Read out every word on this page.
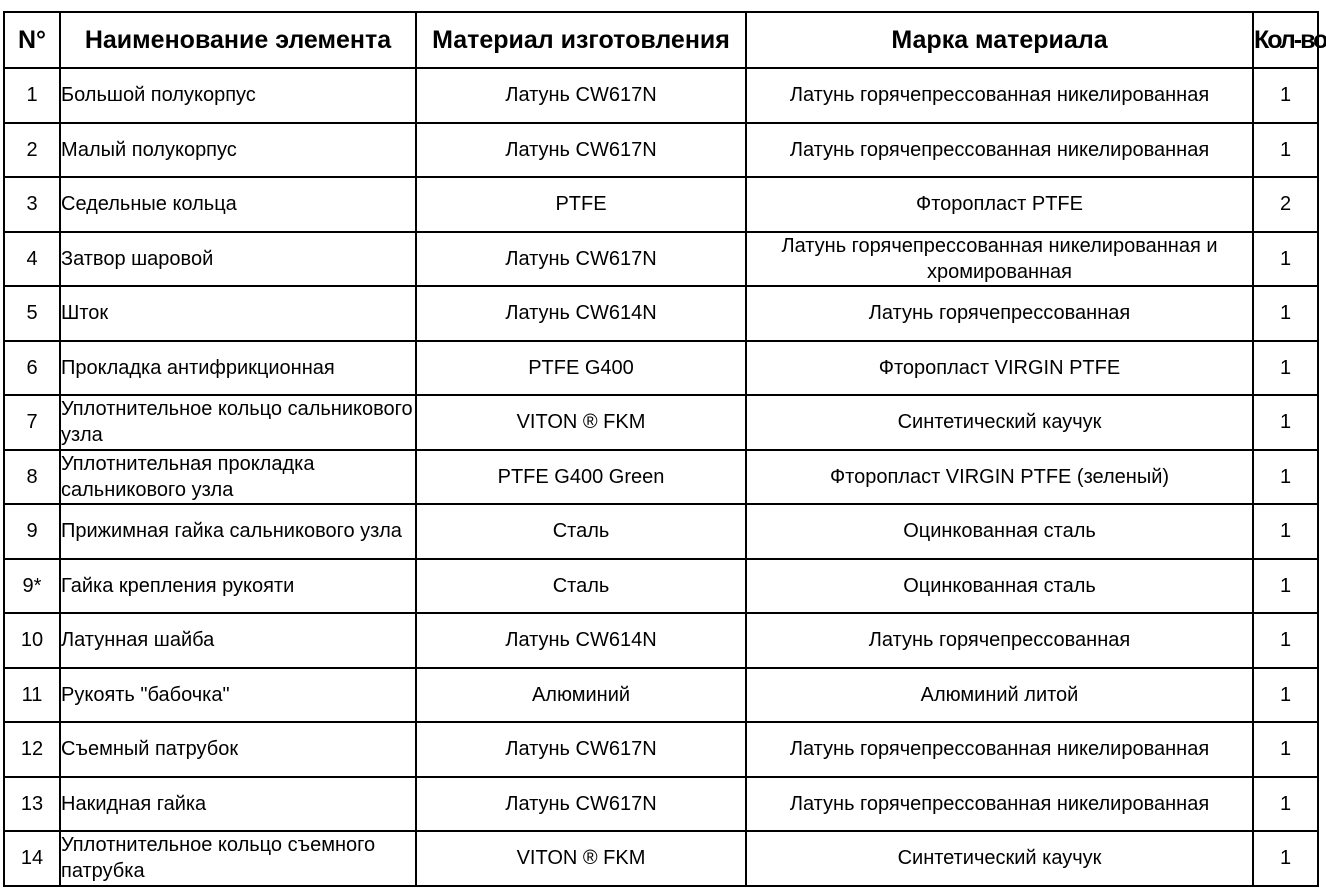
N°	Наименование элемента	Материал изготовления	Марка материала	Кол-во
1	Большой полукорпус	Латунь CW617N	Латунь горячепрессованная никелированная	1
2	Малый полукорпус	Латунь CW617N	Латунь горячепрессованная никелированная	1
3	Седельные кольца	PTFE	Фторопласт PTFE	2
4	Затвор шаровой	Латунь CW617N	Латунь горячепрессованная никелированная и хромированная	1
5	Шток	Латунь CW614N	Латунь горячепрессованная	1
6	Прокладка антифрикционная	PTFE G400	Фторопласт VIRGIN PTFE	1
7	Уплотнительное кольцо сальникового узла	VITON ® FKM	Синтетический каучук	1
8	Уплотнительная прокладка сальникового узла	PTFE G400 Green	Фторопласт VIRGIN PTFE (зеленый)	1
9	Прижимная гайка сальникового узла	Сталь	Оцинкованная сталь	1
9*	Гайка крепления рукояти	Сталь	Оцинкованная сталь	1
10	Латунная шайба	Латунь CW614N	Латунь горячепрессованная	1
11	Рукоять "бабочка"	Алюминий	Алюминий литой	1
12	Съемный патрубок	Латунь CW617N	Латунь горячепрессованная никелированная	1
13	Накидная гайка	Латунь CW617N	Латунь горячепрессованная никелированная	1
14	Уплотнительное кольцо съемного патрубка	VITON ® FKM	Синтетический каучук	1
